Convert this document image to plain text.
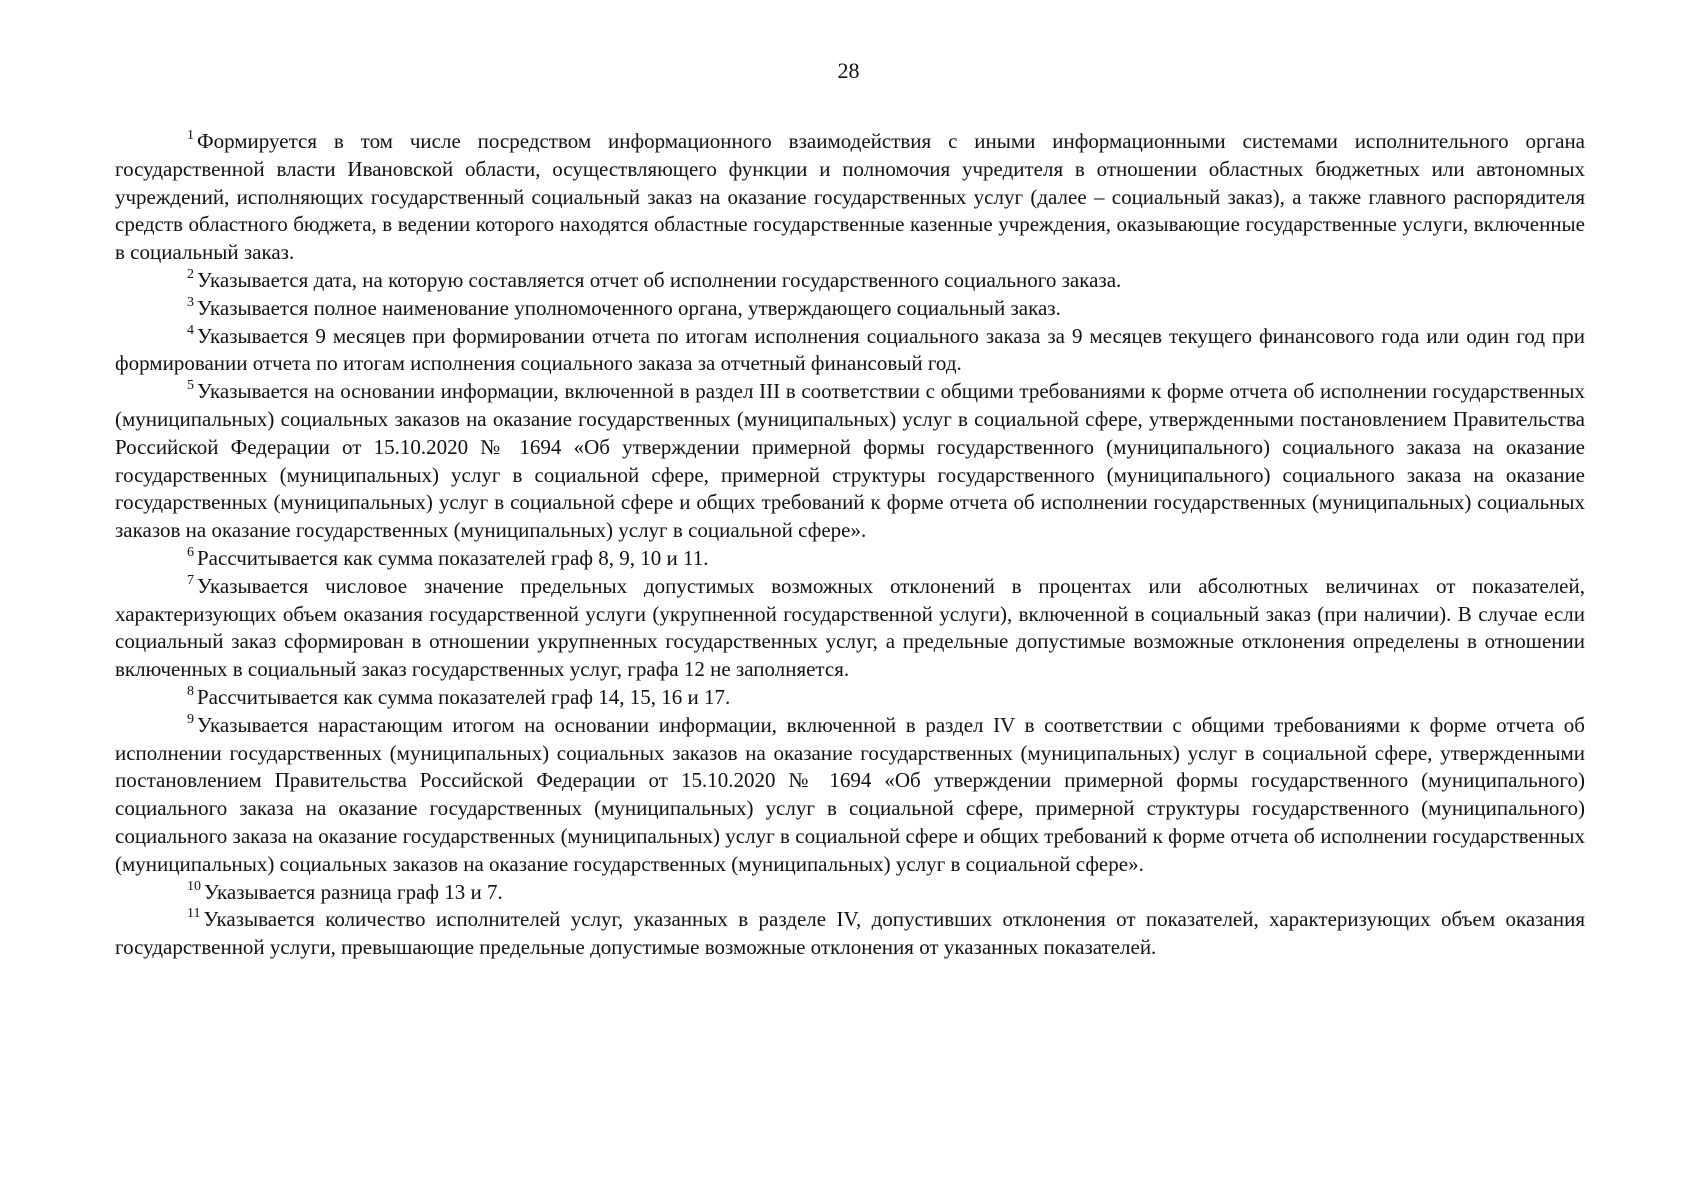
28

$^1$ Формируется в том числе посредством информационного взаимодействия с иными информационными системами исполнительного органа государственной власти Ивановской области, осуществляющего функции и полномочия учредителя в отношении областных бюджетных или автономных учреждений, исполняющих государственный социальный заказ на оказание государственных услуг (далее – социальный заказ), а также главного распорядителя средств областного бюджета, в ведении которого находятся областные государственные казенные учреждения, оказывающие государственные услуги, включенные в социальный заказ.

$^2$ Указывается дата, на которую составляется отчет об исполнении государственного социального заказа.

$^3$ Указывается полное наименование уполномоченного органа, утверждающего социальный заказ.

$^4$ Указывается 9 месяцев при формировании отчета по итогам исполнения социального заказа за 9 месяцев текущего финансового года или один год при формировании отчета по итогам исполнения социального заказа за отчетный финансовый год.

$^5$ Указывается на основании информации, включенной в раздел III в соответствии с общими требованиями к форме отчета об исполнении государственных (муниципальных) социальных заказов на оказание государственных (муниципальных) услуг в социальной сфере, утвержденными постановлением Правительства Российской Федерации от 15.10.2020 № 1694 «Об утверждении примерной формы государственного (муниципального) социального заказа на оказание государственных (муниципальных) услуг в социальной сфере, примерной структуры государственного (муниципального) социального заказа на оказание государственных (муниципальных) услуг в социальной сфере и общих требований к форме отчета об исполнении государственных (муниципальных) социальных заказов на оказание государственных (муниципальных) услуг в социальной сфере».

$^6$ Рассчитывается как сумма показателей граф 8, 9, 10 и 11.

$^7$ Указывается числовое значение предельных допустимых возможных отклонений в процентах или абсолютных величинах от показателей, характеризующих объем оказания государственной услуги (укрупненной государственной услуги), включенной в социальный заказ (при наличии). В случае если социальный заказ сформирован в отношении укрупненных государственных услуг, а предельные допустимые возможные отклонения определены в отношении включенных в социальный заказ государственных услуг, графа 12 не заполняется.

$^8$ Рассчитывается как сумма показателей граф 14, 15, 16 и 17.

$^9$ Указывается нарастающим итогом на основании информации, включенной в раздел IV в соответствии с общими требованиями к форме отчета об исполнении государственных (муниципальных) социальных заказов на оказание государственных (муниципальных) услуг в социальной сфере, утвержденными постановлением Правительства Российской Федерации от 15.10.2020 № 1694 «Об утверждении примерной формы государственного (муниципального) социального заказа на оказание государственных (муниципальных) услуг в социальной сфере, примерной структуры государственного (муниципального) социального заказа на оказание государственных (муниципальных) услуг в социальной сфере и общих требований к форме отчета об исполнении государственных (муниципальных) социальных заказов на оказание государственных (муниципальных) услуг в социальной сфере».

$^{10}$ Указывается разница граф 13 и 7.

$^{11}$ Указывается количество исполнителей услуг, указанных в разделе IV, допустивших отклонения от показателей, характеризующих объем оказания государственной услуги, превышающие предельные допустимые возможные отклонения от указанных показателей.
